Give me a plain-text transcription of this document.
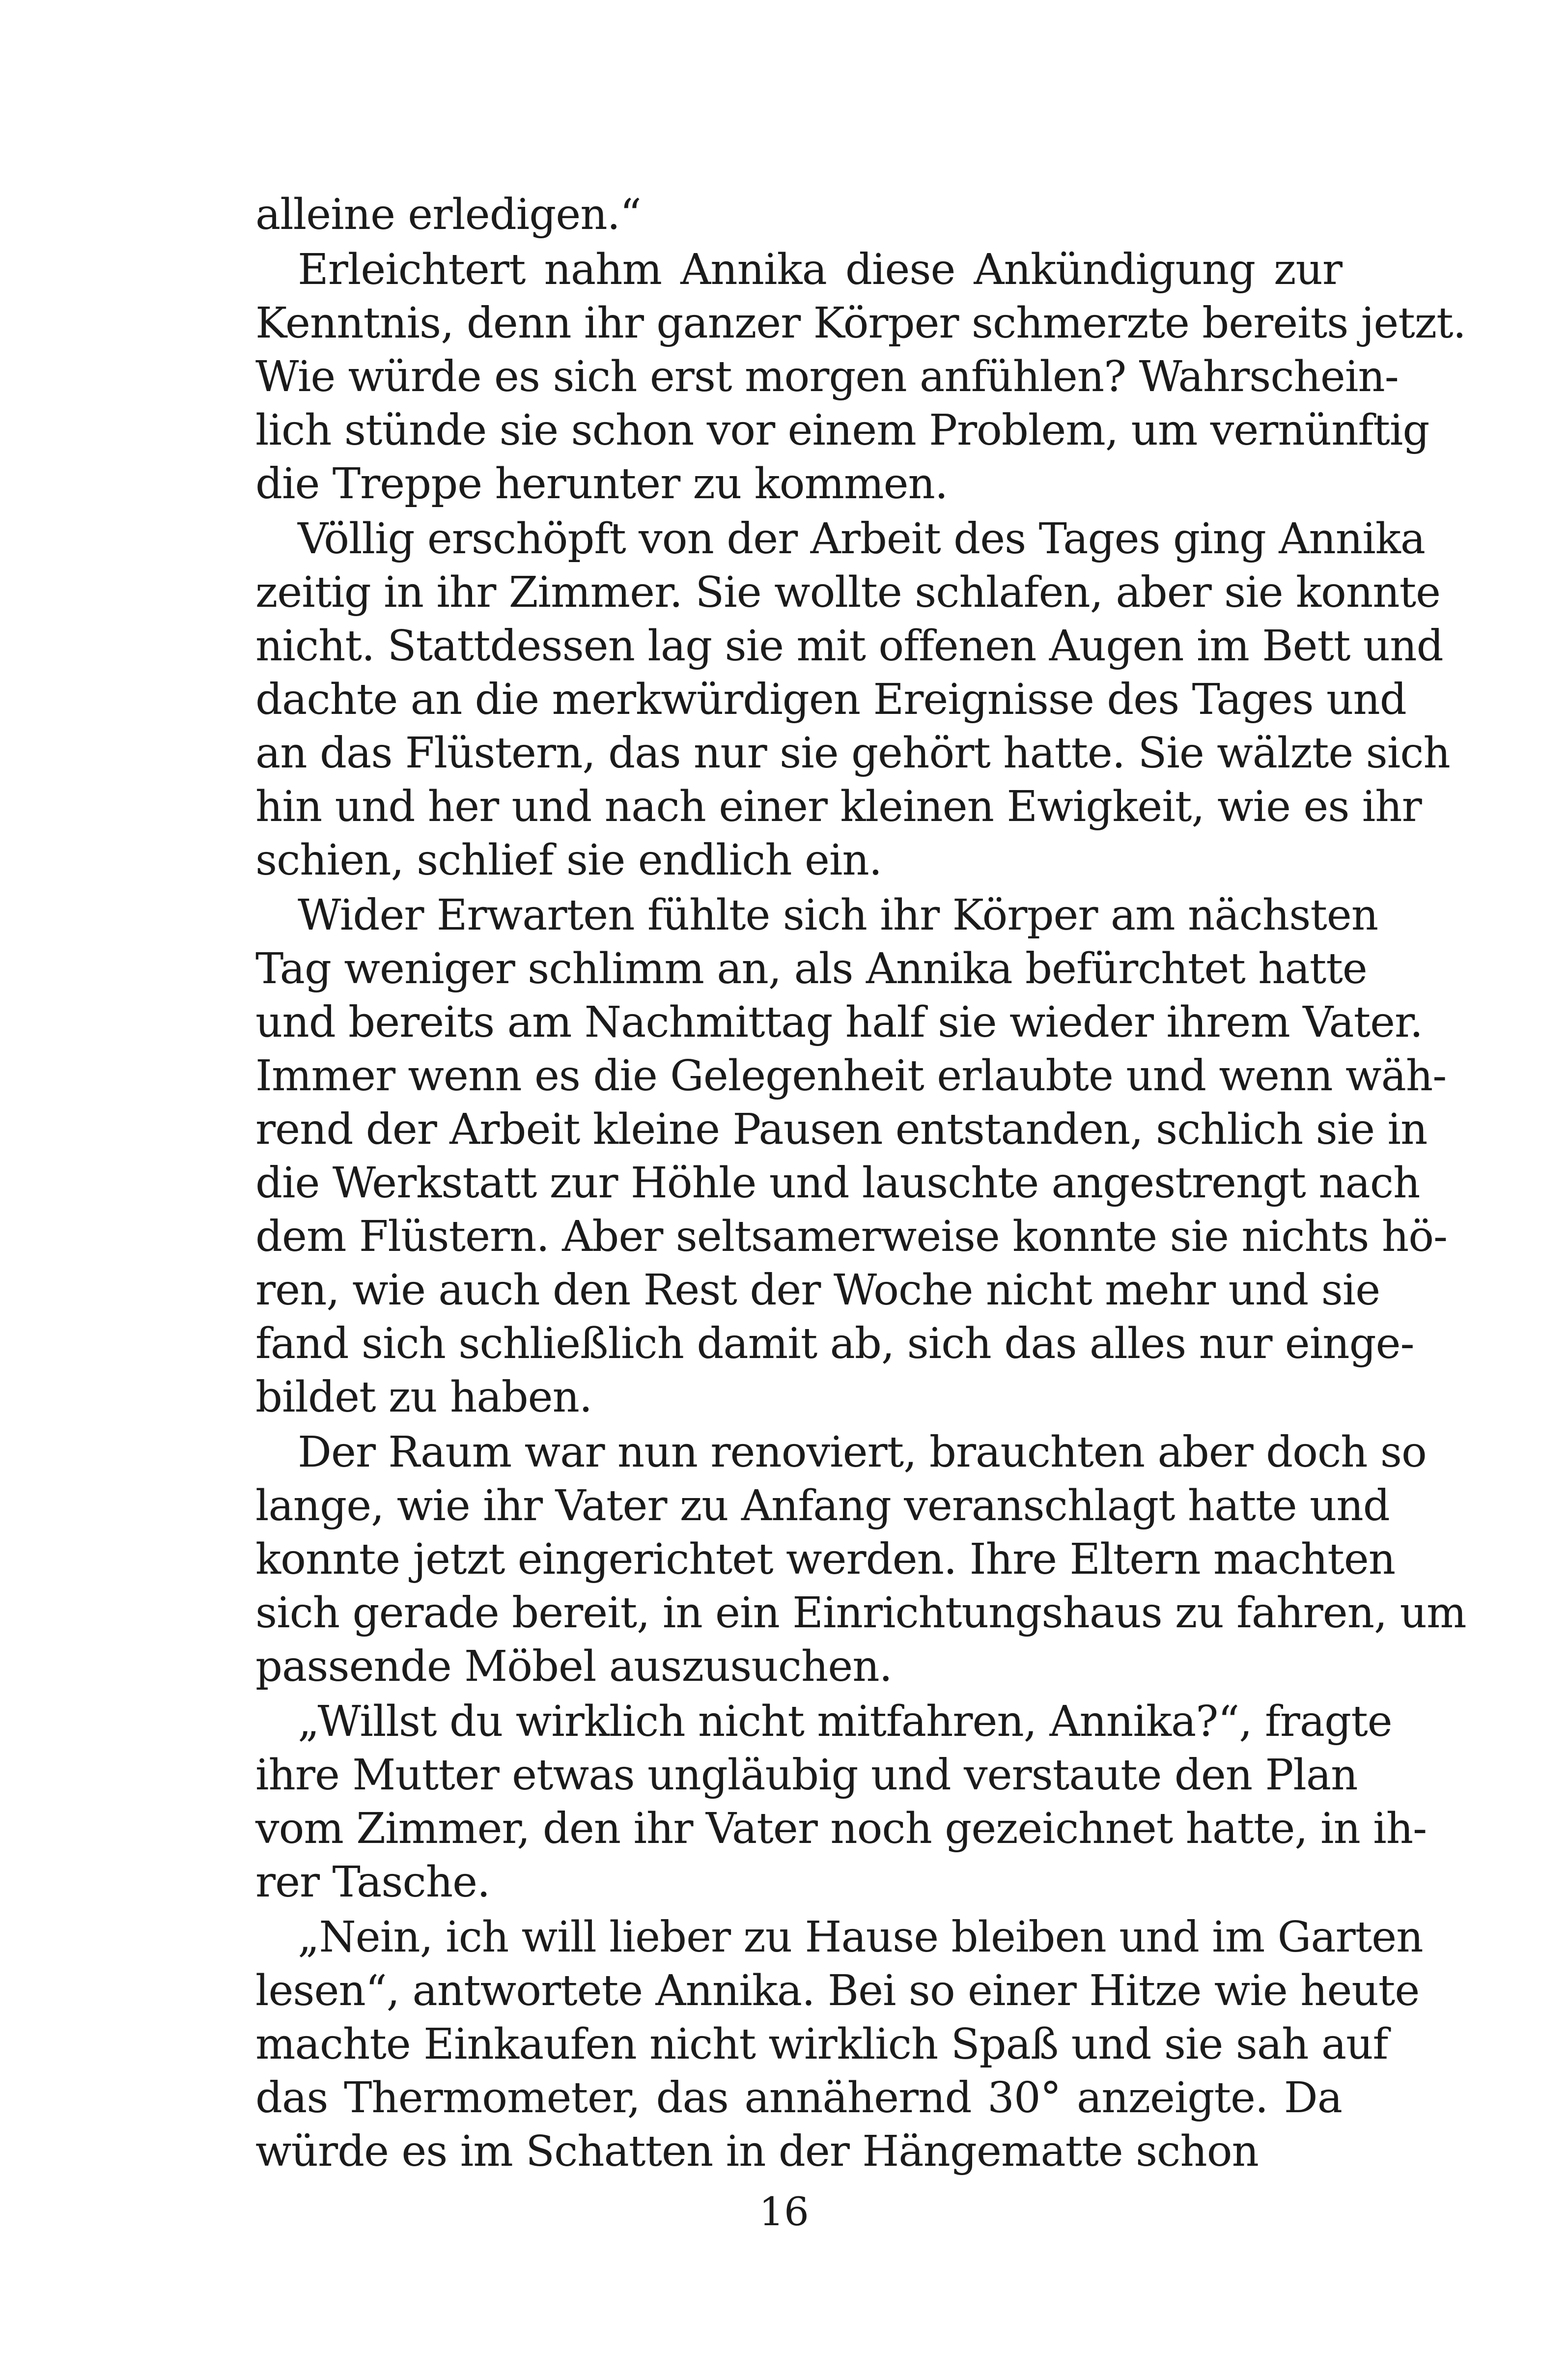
alleine erledigen.“
Erleichtert nahm Annika diese Ankündigung zur
Kenntnis, denn ihr ganzer Körper schmerzte bereits jetzt.
Wie würde es sich erst morgen anfühlen? Wahrschein-
lich stünde sie schon vor einem Problem, um vernünftig
die Treppe herunter zu kommen.
Völlig erschöpft von der Arbeit des Tages ging Annika
zeitig in ihr Zimmer. Sie wollte schlafen, aber sie konnte
nicht. Stattdessen lag sie mit offenen Augen im Bett und
dachte an die merkwürdigen Ereignisse des Tages und
an das Flüstern, das nur sie gehört hatte. Sie wälzte sich
hin und her und nach einer kleinen Ewigkeit, wie es ihr
schien, schlief sie endlich ein.
Wider Erwarten fühlte sich ihr Körper am nächsten
Tag weniger schlimm an, als Annika befürchtet hatte
und bereits am Nachmittag half sie wieder ihrem Vater.
Immer wenn es die Gelegenheit erlaubte und wenn wäh-
rend der Arbeit kleine Pausen entstanden, schlich sie in
die Werkstatt zur Höhle und lauschte angestrengt nach
dem Flüstern. Aber seltsamerweise konnte sie nichts hö-
ren, wie auch den Rest der Woche nicht mehr und sie
fand sich schließlich damit ab, sich das alles nur einge-
bildet zu haben.
Der Raum war nun renoviert, brauchten aber doch so
lange, wie ihr Vater zu Anfang veranschlagt hatte und
konnte jetzt eingerichtet werden. Ihre Eltern machten
sich gerade bereit, in ein Einrichtungshaus zu fahren, um
passende Möbel auszusuchen.
„Willst du wirklich nicht mitfahren, Annika?“, fragte
ihre Mutter etwas ungläubig und verstaute den Plan
vom Zimmer, den ihr Vater noch gezeichnet hatte, in ih-
rer Tasche.
„Nein, ich will lieber zu Hause bleiben und im Garten
lesen“, antwortete Annika. Bei so einer Hitze wie heute
machte Einkaufen nicht wirklich Spaß und sie sah auf
das Thermometer, das annähernd 30° anzeigte. Da
würde es im Schatten in der Hängematte schon
16
